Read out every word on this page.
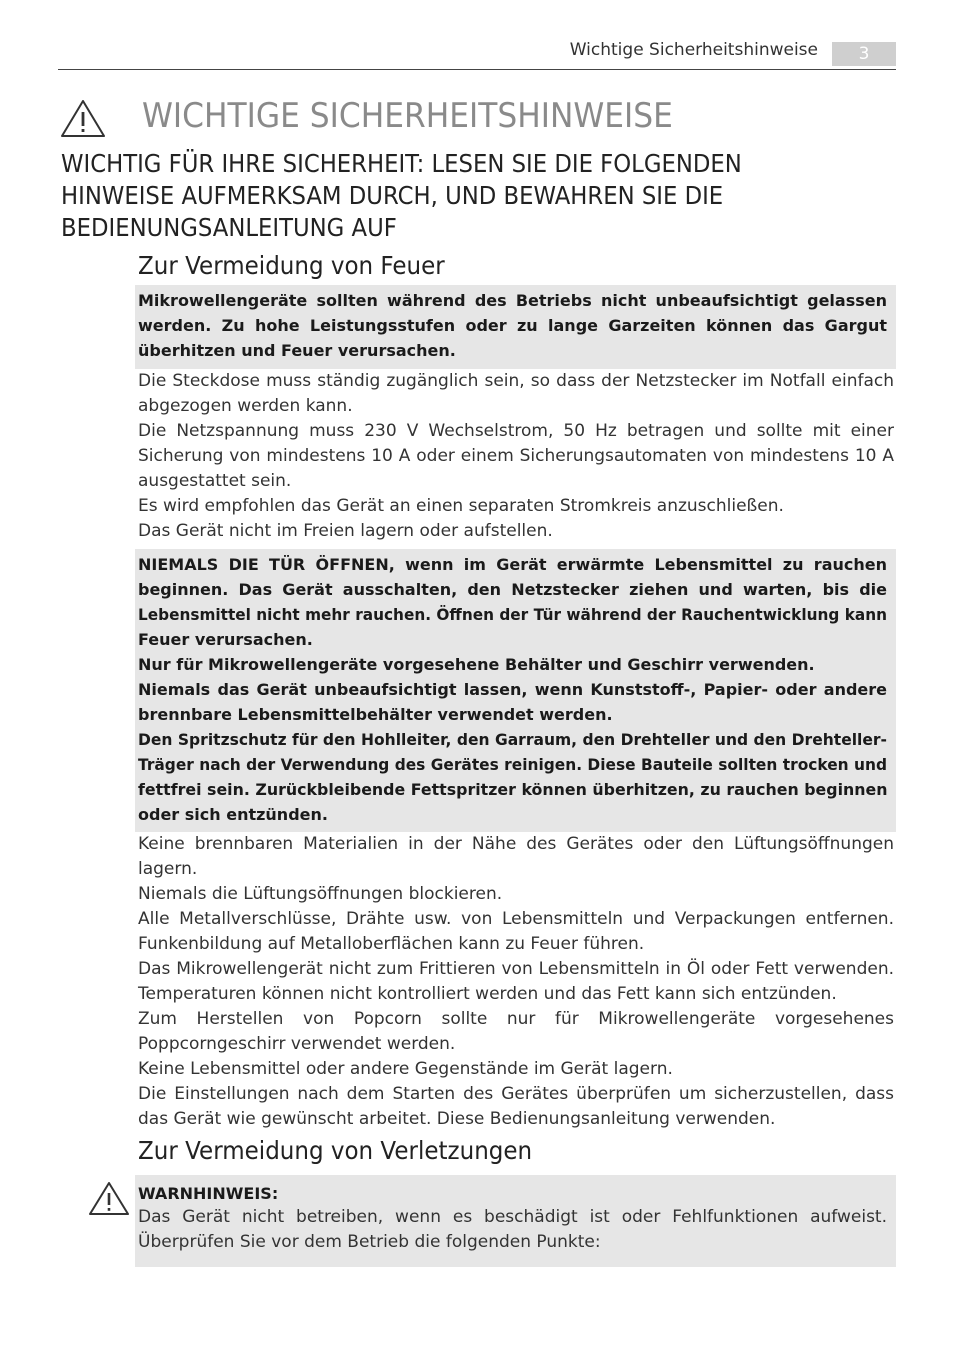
Wichtige Sicherheitshinweise	3
WICHTIGE SICHERHEITSHINWEISE
WICHTIG FÜR IHRE SICHERHEIT: LESEN SIE DIE FOLGENDEN HINWEISE AUFMERKSAM DURCH, UND BEWAHREN SIE DIE BEDIENUNGSANLEITUNG AUF
Zur Vermeidung von Feuer
Mikrowellengeräte sollten während des Betriebs nicht unbeaufsichtigt gelassen
werden. Zu hohe Leistungsstufen oder zu lange Garzeiten können das Gargut
überhitzen und Feuer verursachen.
Die Steckdose muss ständig zugänglich sein, so dass der Netzstecker im Notfall einfach
abgezogen werden kann.
Die Netzspannung muss 230 V Wechselstrom, 50 Hz betragen und sollte mit einer
Sicherung von mindestens 10 A oder einem Sicherungsautomaten von mindestens 10 A
ausgestattet sein.
Es wird empfohlen das Gerät an einen separaten Stromkreis anzuschließen.
Das Gerät nicht im Freien lagern oder aufstellen.
NIEMALS DIE TÜR ÖFFNEN, wenn im Gerät erwärmte Lebensmittel zu rauchen
beginnen. Das Gerät ausschalten, den Netzstecker ziehen und warten, bis die
Lebensmittel nicht mehr rauchen. Öffnen der Tür während der Rauchentwicklung kann
Feuer verursachen.
Nur für Mikrowellengeräte vorgesehene Behälter und Geschirr verwenden.
Niemals das Gerät unbeaufsichtigt lassen, wenn Kunststoff-, Papier- oder andere
brennbare Lebensmittelbehälter verwendet werden.
Den Spritzschutz für den Hohlleiter, den Garraum, den Drehteller und den Drehteller-
Träger nach der Verwendung des Gerätes reinigen. Diese Bauteile sollten trocken und
fettfrei sein. Zurückbleibende Fettspritzer können überhitzen, zu rauchen beginnen
oder sich entzünden.
Keine brennbaren Materialien in der Nähe des Gerätes oder den Lüftungsöffnungen
lagern.
Niemals die Lüftungsöffnungen blockieren.
Alle Metallverschlüsse, Drähte usw. von Lebensmitteln und Verpackungen entfernen.
Funkenbildung auf Metalloberflächen kann zu Feuer führen.
Das Mikrowellengerät nicht zum Frittieren von Lebensmitteln in Öl oder Fett verwenden.
Temperaturen können nicht kontrolliert werden und das Fett kann sich entzünden.
Zum Herstellen von Popcorn sollte nur für Mikrowellengeräte vorgesehenes
Poppcorngeschirr verwendet werden.
Keine Lebensmittel oder andere Gegenstände im Gerät lagern.
Die Einstellungen nach dem Starten des Gerätes überprüfen um sicherzustellen, dass
das Gerät wie gewünscht arbeitet. Diese Bedienungsanleitung verwenden.
Zur Vermeidung von Verletzungen
WARNHINWEIS:
Das Gerät nicht betreiben, wenn es beschädigt ist oder Fehlfunktionen aufweist.
Überprüfen Sie vor dem Betrieb die folgenden Punkte:
